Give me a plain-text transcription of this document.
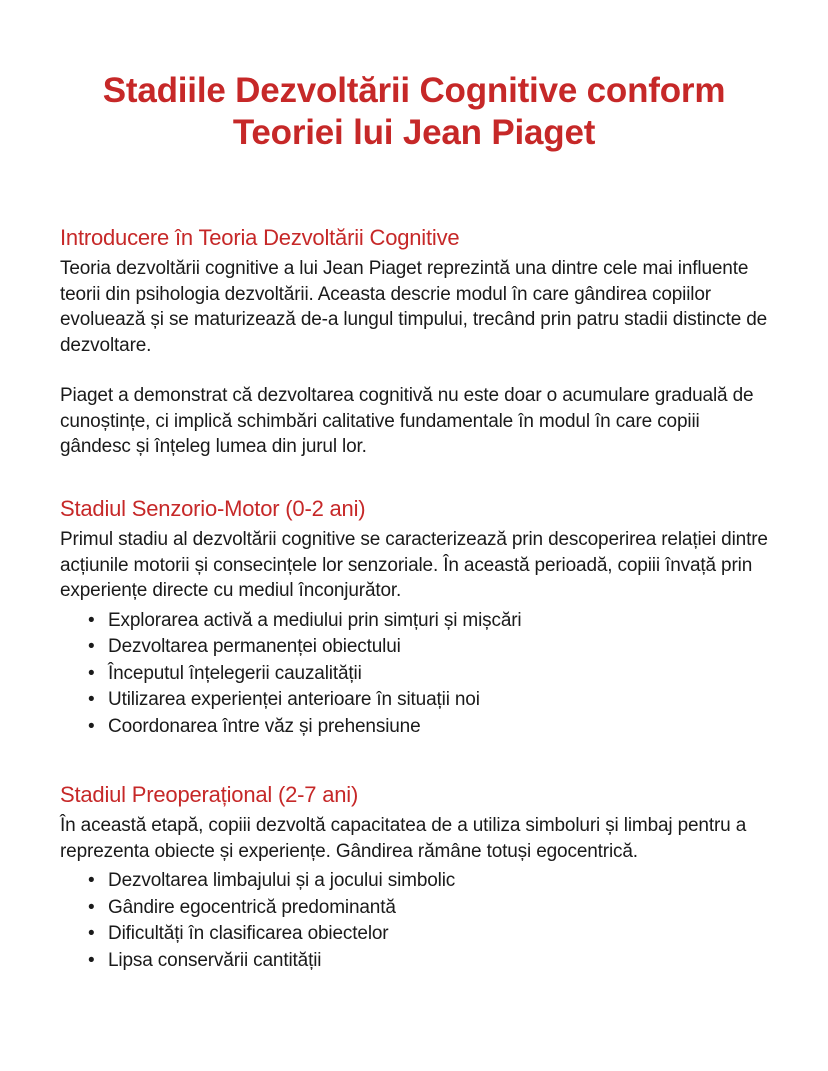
Stadiile Dezvoltării Cognitive conform
Teoriei lui Jean Piaget
Introducere în Teoria Dezvoltării Cognitive

Teoria dezvoltării cognitive a lui Jean Piaget reprezintă una dintre cele mai influente teorii din psihologia dezvoltării. Aceasta descrie modul în care gândirea copiilor evoluează și se maturizează de-a lungul timpului, trecând prin patru stadii distincte de dezvoltare.

Piaget a demonstrat că dezvoltarea cognitivă nu este doar o acumulare graduală de cunoștințe, ci implică schimbări calitative fundamentale în modul în care copiii gândesc și înțeleg lumea din jurul lor.

Stadiul Senzorio-Motor (0-2 ani)

Primul stadiu al dezvoltării cognitive se caracterizează prin descoperirea relației dintre acțiunile motorii și consecințele lor senzoriale. În această perioadă, copiii învață prin experiențe directe cu mediul înconjurător.

• Explorarea activă a mediului prin simțuri și mișcări
• Dezvoltarea permanenței obiectului
• Începutul înțelegerii cauzalității
• Utilizarea experienței anterioare în situații noi
• Coordonarea între văz și prehensiune
Stadiul Preoperațional (2-7 ani)

În această etapă, copiii dezvoltă capacitatea de a utiliza simboluri și limbaj pentru a reprezenta obiecte și experiențe. Gândirea rămâne totuși egocentrică.

• Dezvoltarea limbajului și a jocului simbolic
• Gândire egocentrică predominantă
• Dificultăți în clasificarea obiectelor
• Lipsa conservării cantității
